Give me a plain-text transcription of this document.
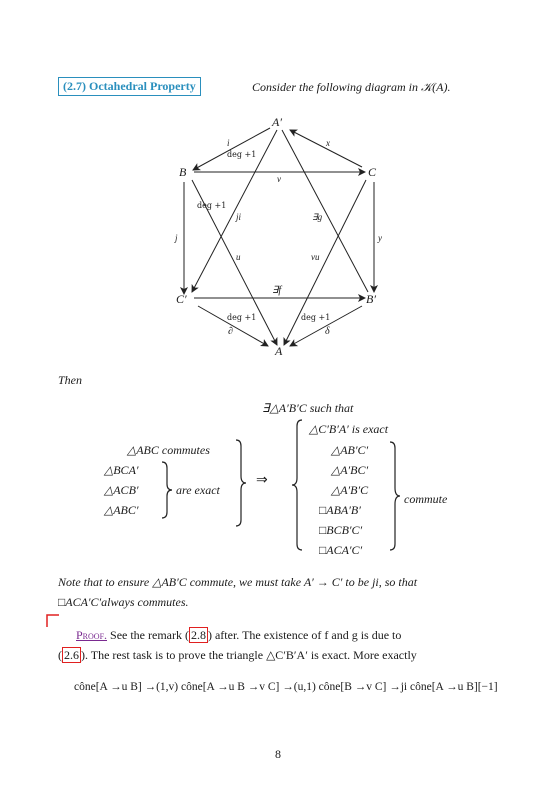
(2.7) Octahedral Property	Consider the following diagram in 𝒦(A).
A′
B	C
C′	B′
A
i
deg +1
x
v
deg +1
ji	∃g
j	y
u	vu
∃f
deg +1	deg +1
∂	δ
Then
∃△A′B′C such that
△ABC commutes
△BCA′
△ACB′
△ABC′
are exact
⇒
△C′B′A′ is exact
△AB′C′
△A′BC′
△A′B′C
□ABA′B′
□BCB′C′
□ACA′C′
commute
Note that to ensure △AB′C commute, we must take A′ → C′ to be ji, so that
□ACA′C′always commutes.
Proof. See the remark ( 2.8 ) after. The existence of f and g is due to
( 2.6 ). The rest task is to prove the triangle △C′B′A′ is exact. More exactly
cône[A →u B] →(1,v) cône[A →u B →v C] →(u,1) cône[B →v C] →ji cône[A →u B][−1]
8
